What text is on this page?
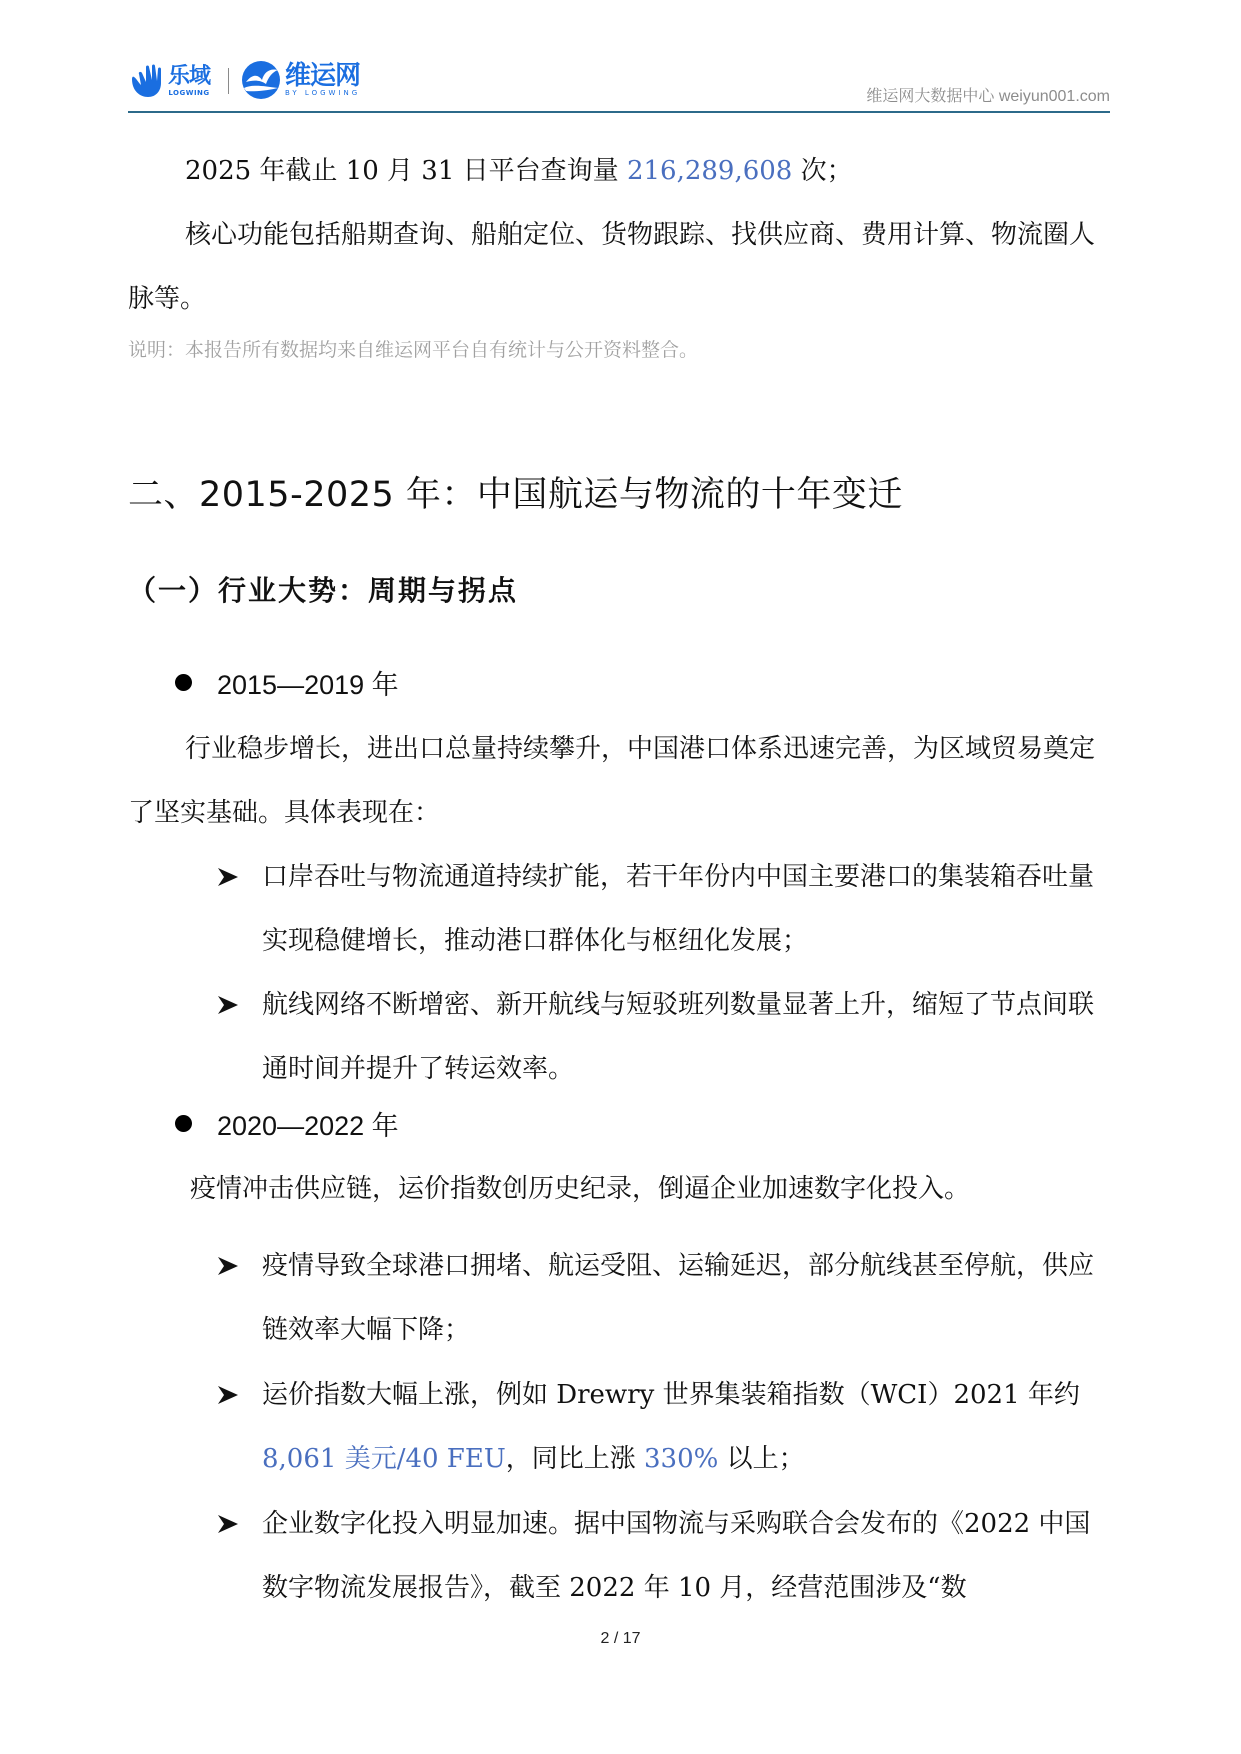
乐域
LOGWING
维运网
BY LOGWING	维运网大数据中心 weiyun001.com
2025 年截止 10 月 31 日平台查询量 216,289,608 次；
核心功能包括船期查询、船舶定位、货物跟踪、找供应商、费用计算、物流圈人脉等。
说明：本报告所有数据均来自维运网平台自有统计与公开资料整合。
二、2015-2025 年：中国航运与物流的十年变迁
（一）行业大势：周期与拐点
2015—2019 年
行业稳步增长，进出口总量持续攀升，中国港口体系迅速完善，为区域贸易奠定了坚实基础。具体表现在：
口岸吞吐与物流通道持续扩能，若干年份内中国主要港口的集装箱吞吐量实现稳健增长，推动港口群体化与枢纽化发展；
航线网络不断增密、新开航线与短驳班列数量显著上升，缩短了节点间联通时间并提升了转运效率。
2020—2022 年
疫情冲击供应链，运价指数创历史纪录，倒逼企业加速数字化投入。
疫情导致全球港口拥堵、航运受阻、运输延迟，部分航线甚至停航，供应链效率大幅下降；
运价指数大幅上涨，例如 Drewry 世界集装箱指数（WCI）2021 年约8,061 美元/40 FEU，同比上涨 330% 以上；
企业数字化投入明显加速。据中国物流与采购联合会发布的《2022 中国数字物流发展报告》，截至 2022 年 10 月，经营范围涉及“数
2 / 17
